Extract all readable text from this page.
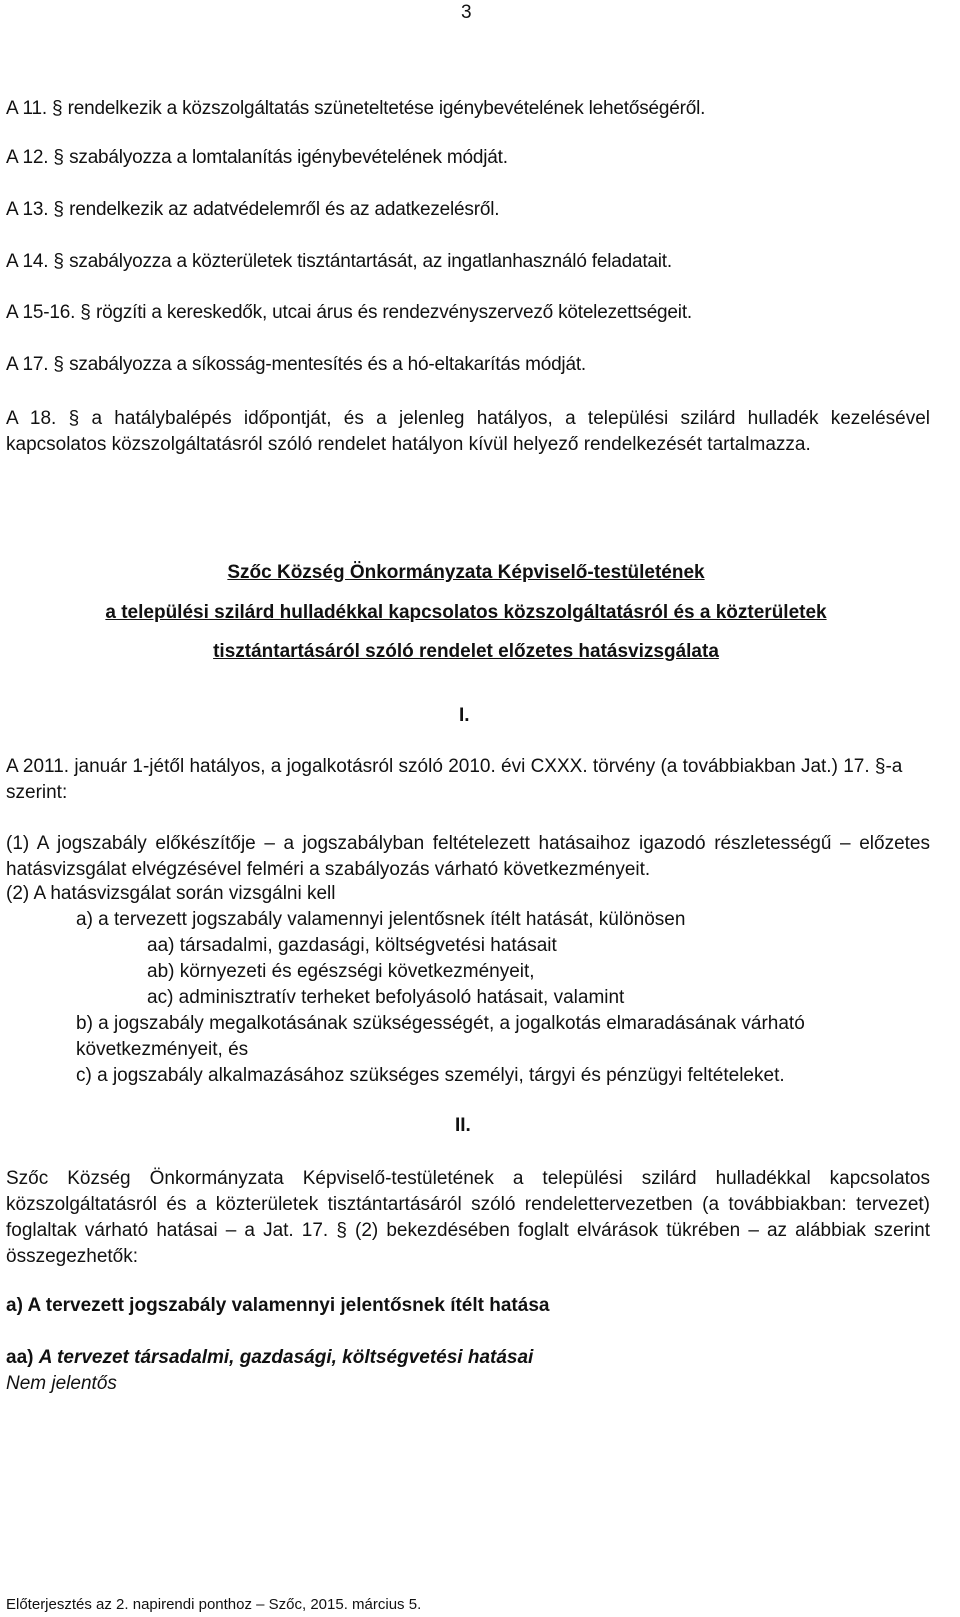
3
A 11. § rendelkezik a közszolgáltatás szüneteltetése igénybevételének lehetőségéről.
A 12. § szabályozza a lomtalanítás igénybevételének módját.
A 13. § rendelkezik az adatvédelemről és az adatkezelésről.
A 14. § szabályozza a közterületek tisztántartását, az ingatlanhasználó feladatait.
A 15-16. § rögzíti a kereskedők, utcai árus és rendezvényszervező kötelezettségeit.
A 17. § szabályozza a síkosság-mentesítés és a hó-eltakarítás módját.
A 18. § a hatálybalépés időpontját, és a jelenleg hatályos, a települési szilárd hulladék kezelésével kapcsolatos közszolgáltatásról szóló rendelet hatályon kívül helyező rendelkezését tartalmazza.
Szőc Község Önkormányzata Képviselő-testületének
a települési szilárd hulladékkal kapcsolatos közszolgáltatásról és a közterületek
tisztántartásáról szóló rendelet előzetes hatásvizsgálata
I.
A 2011. január 1-jétől hatályos, a jogalkotásról szóló 2010. évi CXXX. törvény (a továbbiakban Jat.) 17. §-a szerint:
(1) A jogszabály előkészítője – a jogszabályban feltételezett hatásaihoz igazodó részletességű – előzetes hatásvizsgálat elvégzésével felméri a szabályozás várható következményeit.
(2) A hatásvizsgálat során vizsgálni kell
a) a tervezett jogszabály valamennyi jelentősnek ítélt hatását, különösen
aa) társadalmi, gazdasági, költségvetési hatásait
ab) környezeti és egészségi következményeit,
ac) adminisztratív terheket befolyásoló hatásait, valamint
b) a jogszabály megalkotásának szükségességét, a jogalkotás elmaradásának várható
következményeit, és
c) a jogszabály alkalmazásához szükséges személyi, tárgyi és pénzügyi feltételeket.
II.
Szőc Község Önkormányzata Képviselő-testületének a települési szilárd hulladékkal kapcsolatos közszolgáltatásról és a közterületek tisztántartásáról szóló rendelettervezetben (a továbbiakban: tervezet) foglaltak várható hatásai – a Jat. 17. § (2) bekezdésében foglalt elvárások tükrében – az alábbiak szerint összegezhetők:
a) A tervezett jogszabály valamennyi jelentősnek ítélt hatása
aa) A tervezet társadalmi, gazdasági, költségvetési hatásai
Nem jelentős
Előterjesztés az 2. napirendi ponthoz – Szőc, 2015. március 5.
